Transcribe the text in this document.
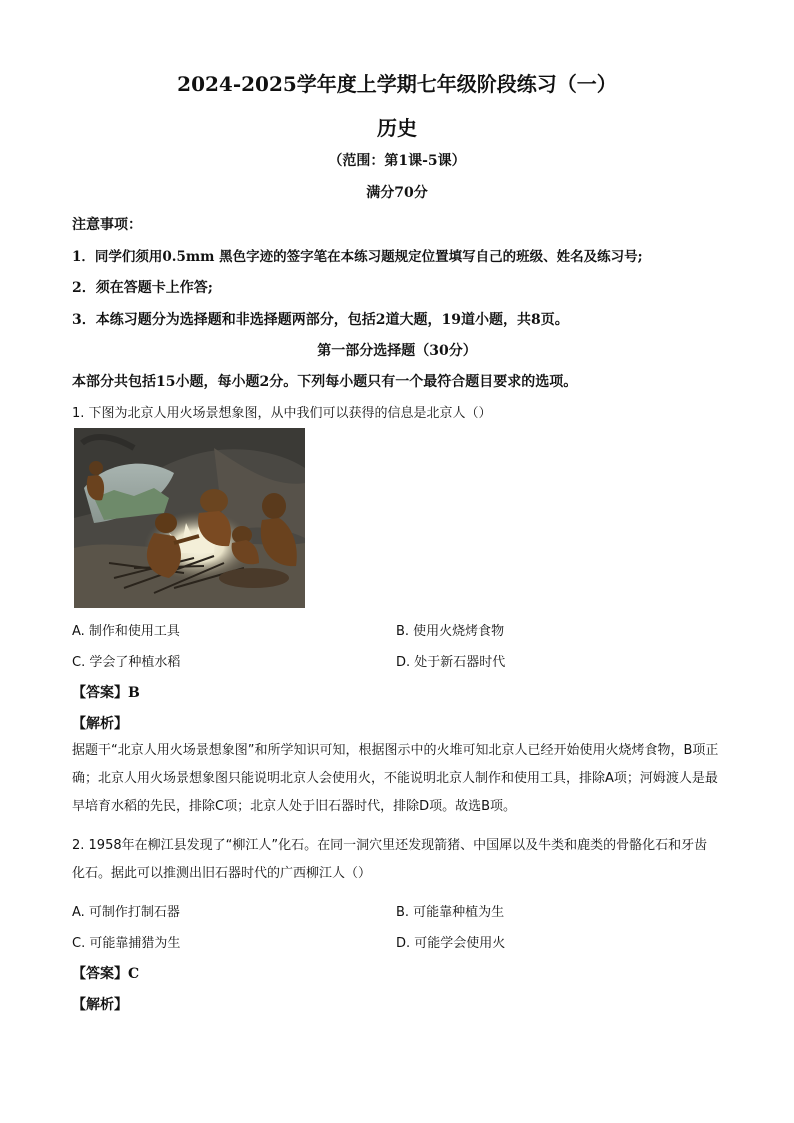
2024-2025学年度上学期七年级阶段练习（一）
历史
（范围：第1课-5课）
满分70分
注意事项：
1．同学们须用0.5mm 黑色字迹的签字笔在本练习题规定位置填写自己的班级、姓名及练习号;
2．须在答题卡上作答;
3．本练习题分为选择题和非选择题两部分，包括2道大题，19道小题，共8页。
第一部分选择题（30分）
本部分共包括15小题，每小题2分。下列每小题只有一个最符合题目要求的选项。
1. 下图为北京人用火场景想象图，从中我们可以获得的信息是北京人（）
A. 制作和使用工具	B. 使用火烧烤食物
C. 学会了种植水稻	D. 处于新石器时代
【答案】B
【解析】
据题干“北京人用火场景想象图”和所学知识可知，根据图示中的火堆可知北京人已经开始使用火烧烤食物，B项正确；北京人用火场景想象图只能说明北京人会使用火，不能说明北京人制作和使用工具，排除A项；河姆渡人是最早培育水稻的先民，排除C项；北京人处于旧石器时代，排除D项。故选B项。
2. 1958年在柳江县发现了“柳江人”化石。在同一洞穴里还发现箭猪、中国犀以及牛类和鹿类的骨骼化石和牙齿化石。据此可以推测出旧石器时代的广西柳江人（）
A. 可制作打制石器	B. 可能靠种植为生
C. 可能靠捕猎为生	D. 可能学会使用火
【答案】C
【解析】
